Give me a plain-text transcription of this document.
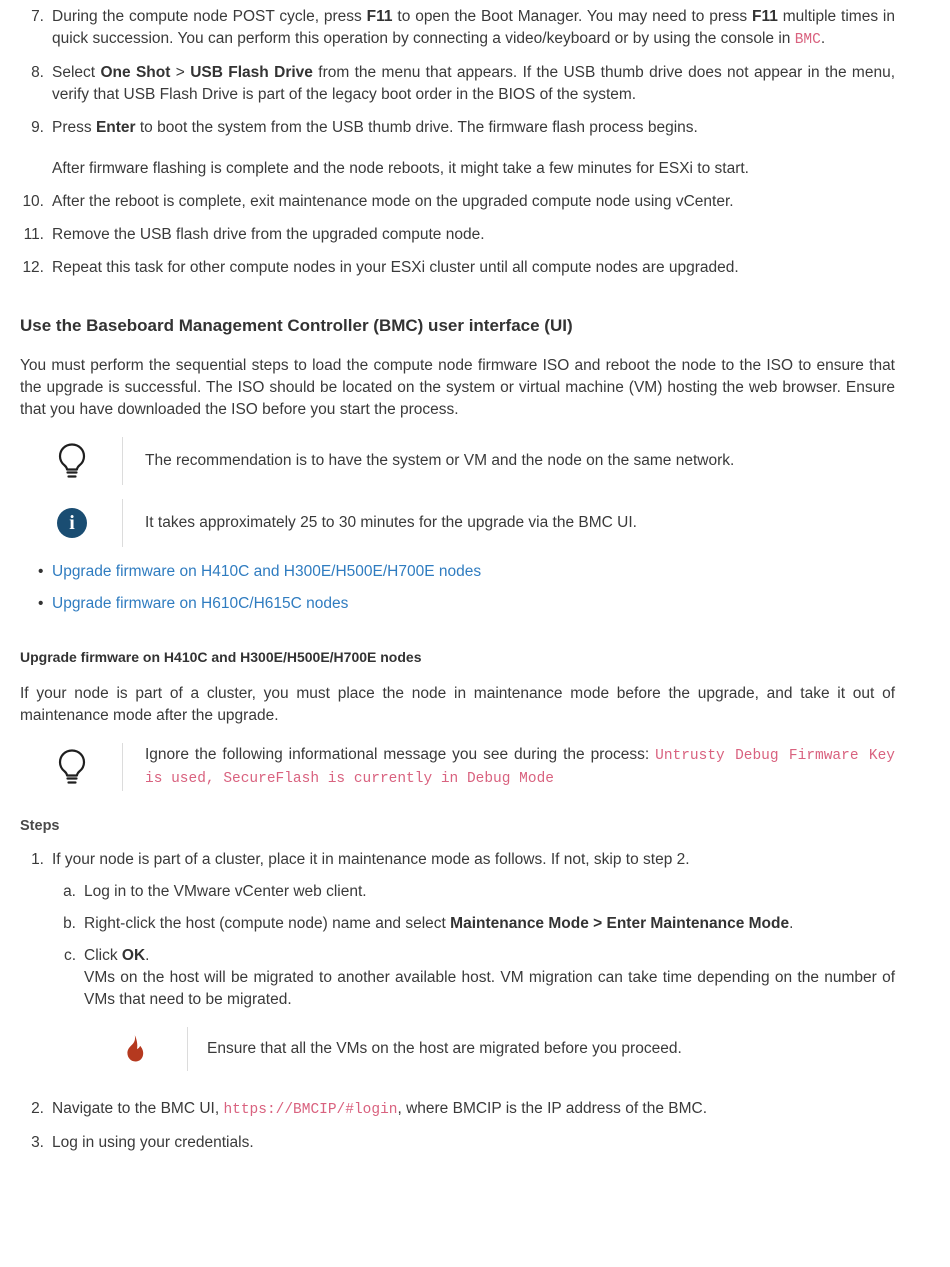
7. During the compute node POST cycle, press F11 to open the Boot Manager. You may need to press F11 multiple times in quick succession. You can perform this operation by connecting a video/keyboard or by using the console in BMC.
8. Select One Shot > USB Flash Drive from the menu that appears. If the USB thumb drive does not appear in the menu, verify that USB Flash Drive is part of the legacy boot order in the BIOS of the system.
9. Press Enter to boot the system from the USB thumb drive. The firmware flash process begins.
After firmware flashing is complete and the node reboots, it might take a few minutes for ESXi to start.
10. After the reboot is complete, exit maintenance mode on the upgraded compute node using vCenter.
11. Remove the USB flash drive from the upgraded compute node.
12. Repeat this task for other compute nodes in your ESXi cluster until all compute nodes are upgraded.
Use the Baseboard Management Controller (BMC) user interface (UI)

You must perform the sequential steps to load the compute node firmware ISO and reboot the node to the ISO to ensure that the upgrade is successful. The ISO should be located on the system or virtual machine (VM) hosting the web browser. Ensure that you have downloaded the ISO before you start the process.

The recommendation is to have the system or VM and the node on the same network.
i	It takes approximately 25 to 30 minutes for the upgrade via the BMC UI.
• Upgrade firmware on H410C and H300E/H500E/H700E nodes
• Upgrade firmware on H610C/H615C nodes
Upgrade firmware on H410C and H300E/H500E/H700E nodes

If your node is part of a cluster, you must place the node in maintenance mode before the upgrade, and take it out of maintenance mode after the upgrade.

Ignore the following informational message you see during the process: Untrusty Debug Firmware Key is used, SecureFlash is currently in Debug Mode
Steps
1. If your node is part of a cluster, place it in maintenance mode as follows. If not, skip to step 2.
a. Log in to the VMware vCenter web client.
b. Right-click the host (compute node) name and select Maintenance Mode > Enter Maintenance Mode.
c. Click OK.
VMs on the host will be migrated to another available host. VM migration can take time depending on the number of VMs that need to be migrated.
Ensure that all the VMs on the host are migrated before you proceed.
2. Navigate to the BMC UI, https://BMCIP/#login, where BMCIP is the IP address of the BMC.
3. Log in using your credentials.
